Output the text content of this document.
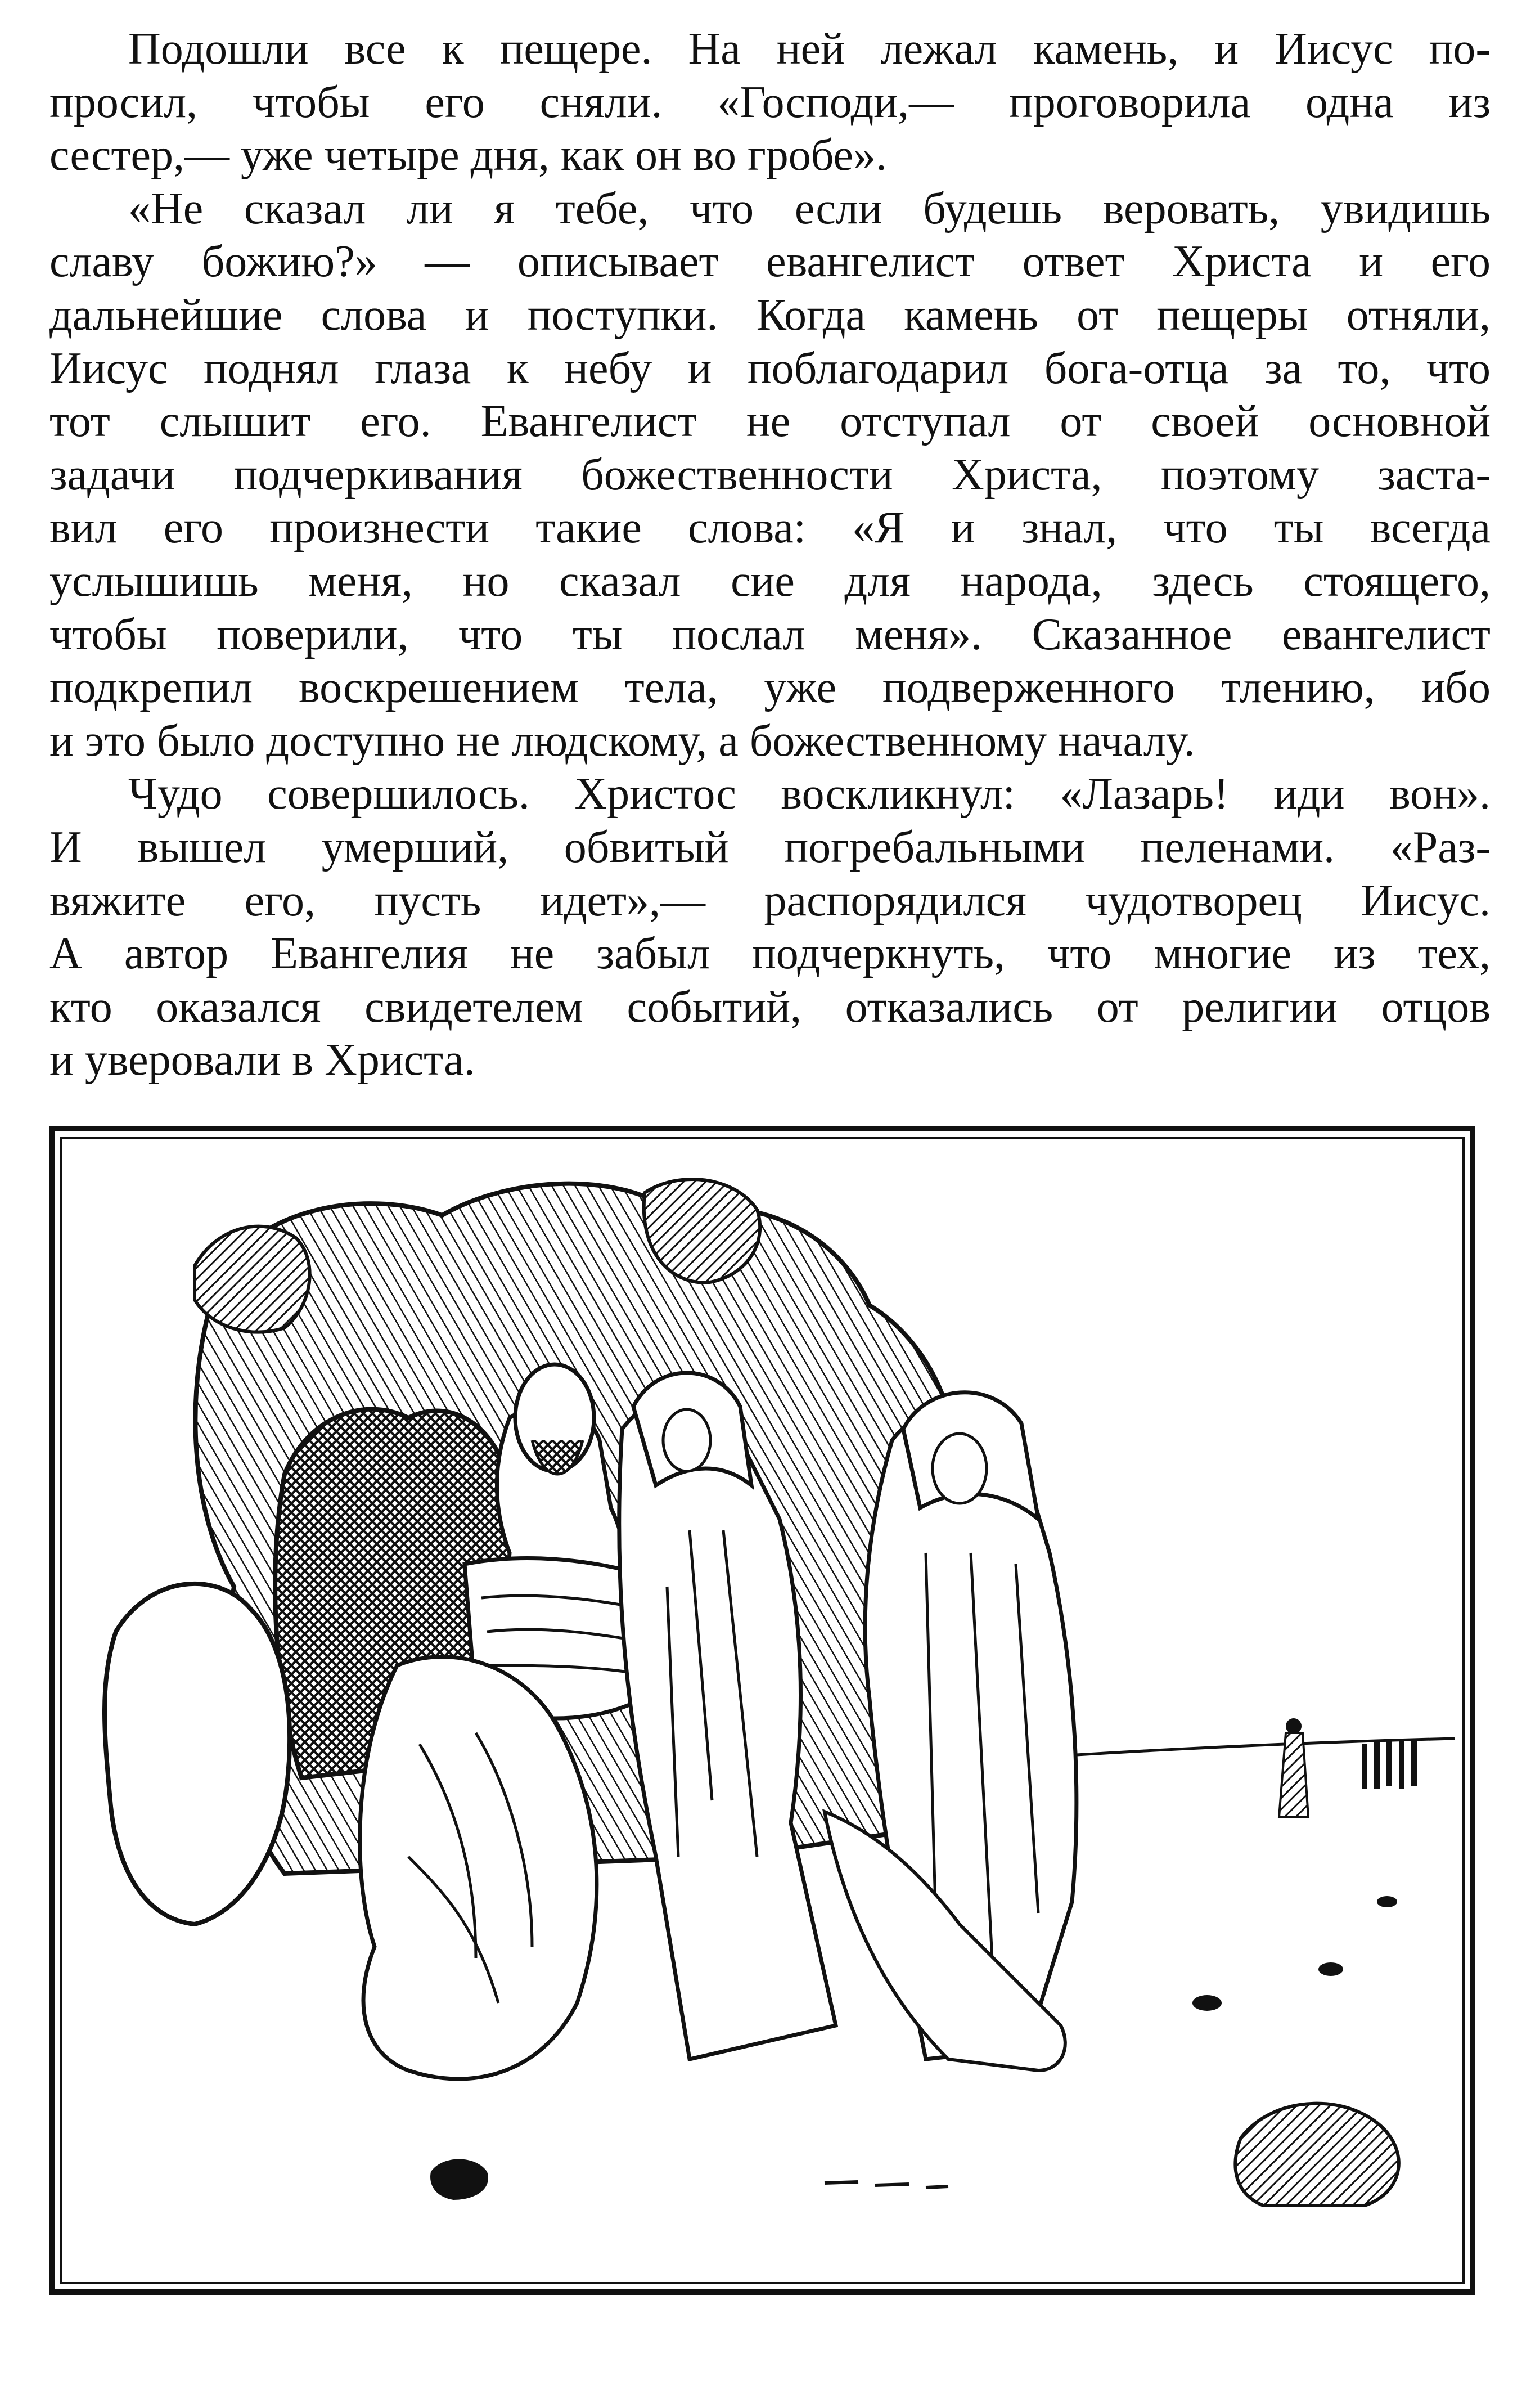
Подошли все к пещере. На ней лежал камень, и Иисус по-
просил, чтобы его сняли. «Господи,— проговорила одна из
сестер,— уже четыре дня, как он во гробе».

«Не сказал ли я тебе, что если будешь веровать, увидишь
славу божию?» — описывает евангелист ответ Христа и его
дальнейшие слова и поступки. Когда камень от пещеры отняли,
Иисус поднял глаза к небу и поблагодарил бога-отца за то, что
тот слышит его. Евангелист не отступал от своей основной
задачи подчеркивания божественности Христа, поэтому заста-
вил его произнести такие слова: «Я и знал, что ты всегда
услышишь меня, но сказал сие для народа, здесь стоящего,
чтобы поверили, что ты послал меня». Сказанное евангелист
подкрепил воскрешением тела, уже подверженного тлению, ибо
и это было доступно не людскому, а божественному началу.

Чудо совершилось. Христос воскликнул: «Лазарь! иди вон».
И вышел умерший, обвитый погребальными пеленами. «Раз-
вяжите его, пусть идет»,— распорядился чудотворец Иисус.
А автор Евангелия не забыл подчеркнуть, что многие из тех,
кто оказался свидетелем событий, отказались от религии отцов
и уверовали в Христа.
